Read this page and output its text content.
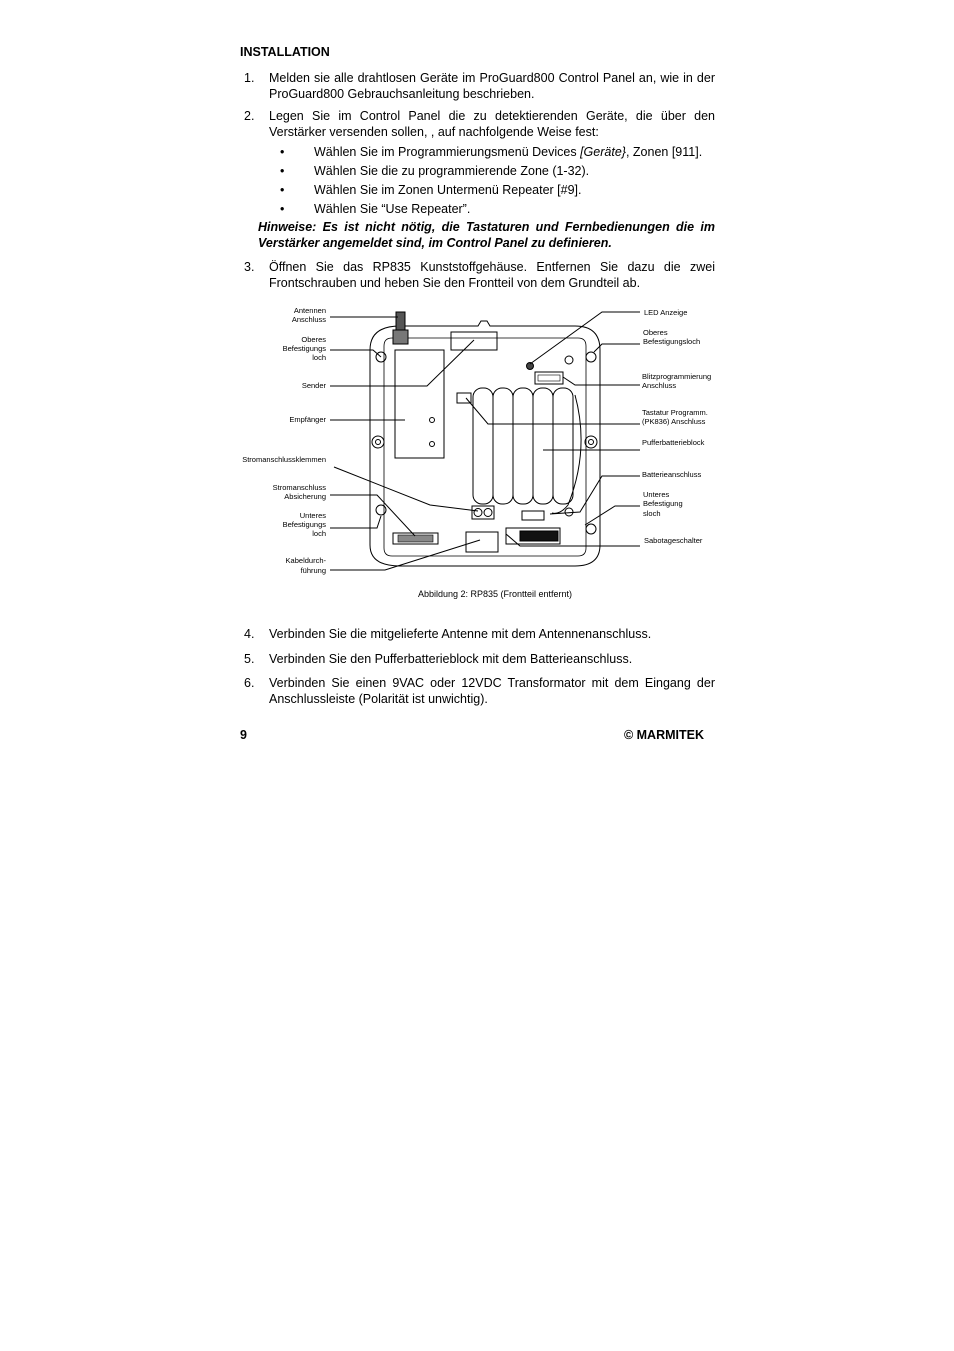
INSTALLATION
1. Melden sie alle drahtlosen Geräte im ProGuard800 Control Panel an, wie in der ProGuard800 Gebrauchsanleitung beschrieben.
2. Legen Sie im Control Panel die zu detektierenden Geräte, die über den Verstärker versenden sollen, , auf nachfolgende Weise fest:
• Wählen Sie im Programmierungsmenü Devices [Geräte}, Zonen [911].
• Wählen Sie die zu programmierende Zone (1-32).
• Wählen Sie im Zonen Untermenü Repeater [#9].
• Wählen Sie “Use Repeater”.
Hinweise: Es ist nicht nötig, die Tastaturen und Fernbedienungen die im Verstärker angemeldet sind, im Control Panel zu definieren.
3. Öffnen Sie das RP835 Kunststoffgehäuse. Entfernen Sie dazu die zwei Frontschrauben und heben Sie den Frontteil von dem Grundteil ab.
Antennen
Anschluss
Oberes
Befestigungs
loch
Sender
Empfänger
Stromanschlussklemmen
Stromanschluss
Absicherung
Unteres
Befestigungs
loch
Kabeldurch-
führung
LED Anzeige
Oberes
Befestigungsloch
Blitzprogrammierung
Anschluss
Tastatur Programm.
(PK836) Anschluss
Pufferbatterieblock
Batterieanschluss
Unteres
Befestigung
sloch
Sabotageschalter
Abbildung 2: RP835 (Frontteil entfernt)
4. Verbinden Sie die mitgelieferte Antenne mit dem Antennenanschluss.
5. Verbinden Sie den Pufferbatterieblock mit dem Batterieanschluss.
6. Verbinden Sie einen 9VAC oder 12VDC Transformator mit dem Eingang der Anschlussleiste (Polarität ist unwichtig).
9	© MARMITEK
